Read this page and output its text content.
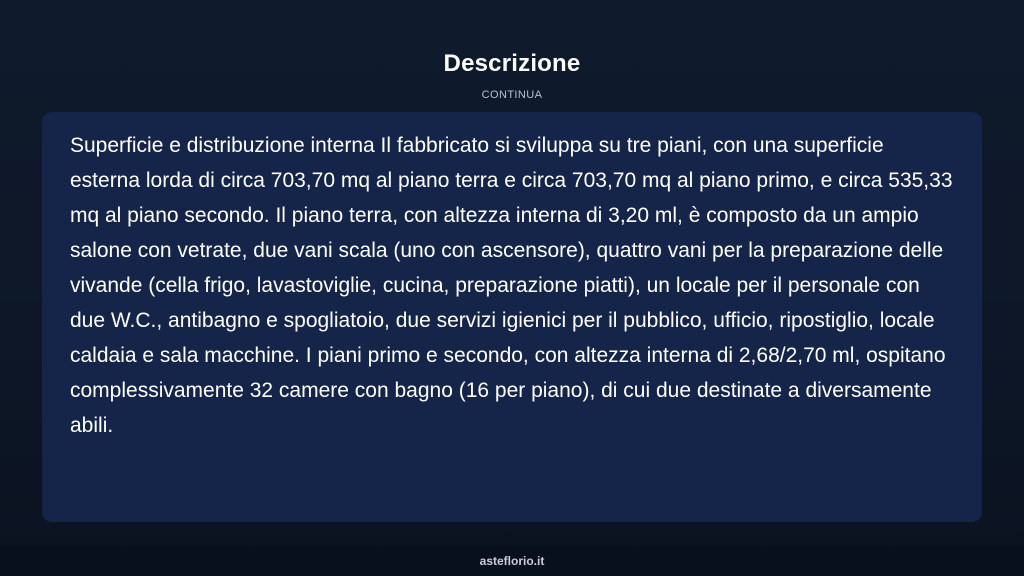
Descrizione
CONTINUA

Superficie e distribuzione interna Il fabbricato si sviluppa su tre piani, con una superficie esterna lorda di circa 703,70 mq al piano terra e circa 703,70 mq al piano primo, e circa 535,33 mq al piano secondo. Il piano terra, con altezza interna di 3,20 ml, è composto da un ampio salone con vetrate, due vani scala (uno con ascensore), quattro vani per la preparazione delle vivande (cella frigo, lavastoviglie, cucina, preparazione piatti), un locale per il personale con due W.C., antibagno e spogliatoio, due servizi igienici per il pubblico, ufficio, ripostiglio, locale caldaia e sala macchine. I piani primo e secondo, con altezza interna di 2,68/2,70 ml, ospitano complessivamente 32 camere con bagno (16 per piano), di cui due destinate a diversamente abili.

asteflorio.it
